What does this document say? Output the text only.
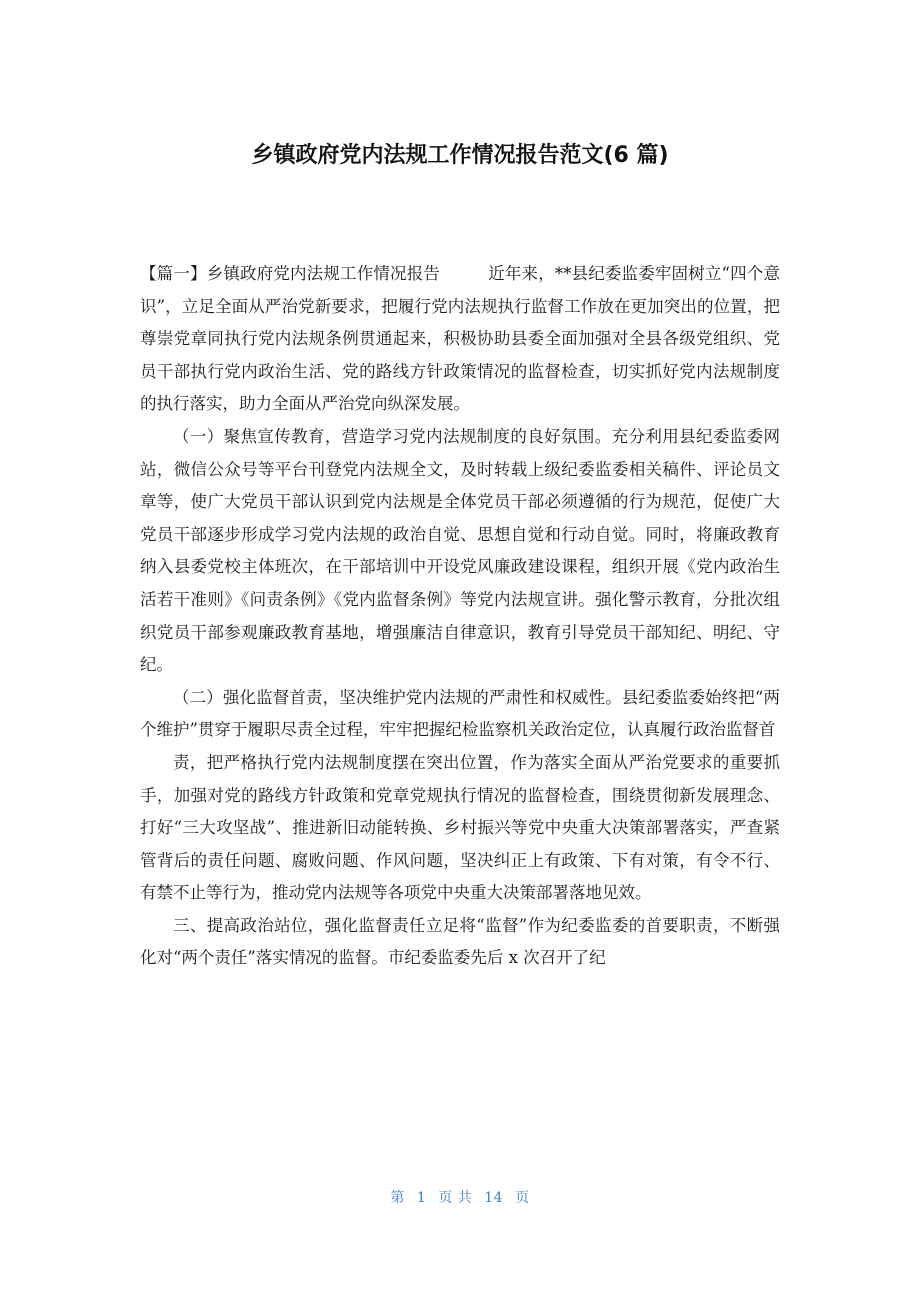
乡镇政府党内法规工作情况报告范文(6 篇)

【篇一】乡镇政府党内法规工作情况报告	近年来，**县纪委监委牢固树立“四个意识”，立足全面从严治党新要求，把履行党内法规执行监督工作放在更加突出的位置，把尊崇党章同执行党内法规条例贯通起来，积极协助县委全面加强对全县各级党组织、党员干部执行党内政治生活、党的路线方针政策情况的监督检查，切实抓好党内法规制度的执行落实，助力全面从严治党向纵深发展。

（一）聚焦宣传教育，营造学习党内法规制度的良好氛围。充分利用县纪委监委网站，微信公众号等平台刊登党内法规全文，及时转载上级纪委监委相关稿件、评论员文章等，使广大党员干部认识到党内法规是全体党员干部必须遵循的行为规范，促使广大党员干部逐步形成学习党内法规的政治自觉、思想自觉和行动自觉。同时，将廉政教育纳入县委党校主体班次，在干部培训中开设党风廉政建设课程，组织开展《党内政治生活若干准则》《问责条例》《党内监督条例》等党内法规宣讲。强化警示教育，分批次组织党员干部参观廉政教育基地，增强廉洁自律意识，教育引导党员干部知纪、明纪、守纪。

（二）强化监督首责，坚决维护党内法规的严肃性和权威性。县纪委监委始终把“两个维护”贯穿于履职尽责全过程，牢牢把握纪检监察机关政治定位，认真履行政治监督首

责，把严格执行党内法规制度摆在突出位置，作为落实全面从严治党要求的重要抓手，加强对党的路线方针政策和党章党规执行情况的监督检查，围绕贯彻新发展理念、打好“三大攻坚战”、推进新旧动能转换、乡村振兴等党中央重大决策部署落实，严查紧管背后的责任问题、腐败问题、作风问题，坚决纠正上有政策、下有对策，有令不行、有禁不止等行为，推动党内法规等各项党中央重大决策部署落地见效。

三、提高政治站位，强化监督责任立足将“监督”作为纪委监委的首要职责，不断强化对“两个责任”落实情况的监督。市纪委监委先后 x 次召开了纪

第 1 页 共 14 页
